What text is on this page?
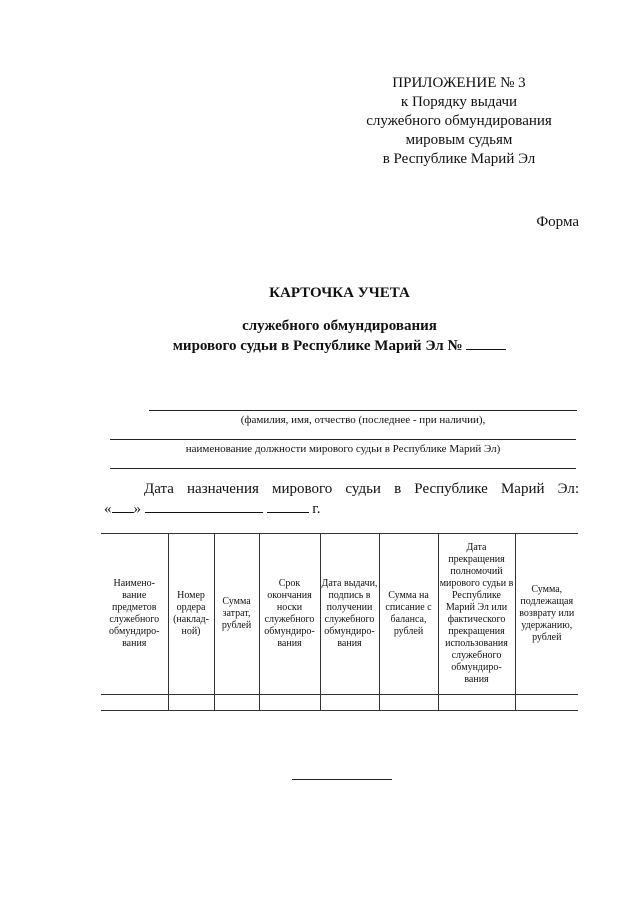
ПРИЛОЖЕНИЕ № 3
к Порядку выдачи
служебного обмундирования
мировым судьям
в Республике Марий Эл
Форма
КАРТОЧКА УЧЕТА
служебного обмундирования
мирового судьи в Республике Марий Эл №
(фамилия, имя, отчество (последнее - при наличии),
наименование должности мирового судьи в Республике Марий Эл)
Дата назначения мирового судьи в Республике Марий Эл:
« »	г.
Наимено-вание предметов служебного обмундиро-вания	Номер ордера (наклад-ной)	Сумма затрат, рублей	Срок окончания носки служебного обмундиро-вания	Дата выдачи, подпись в получении служебного обмундиро-вания	Сумма на списание с баланса, рублей	Дата прекращения полномочий мирового судьи в Республике Марий Эл или фактического прекращения использования служебного обмундиро-вания	Сумма, подлежащая возврату или удержанию, рублей
